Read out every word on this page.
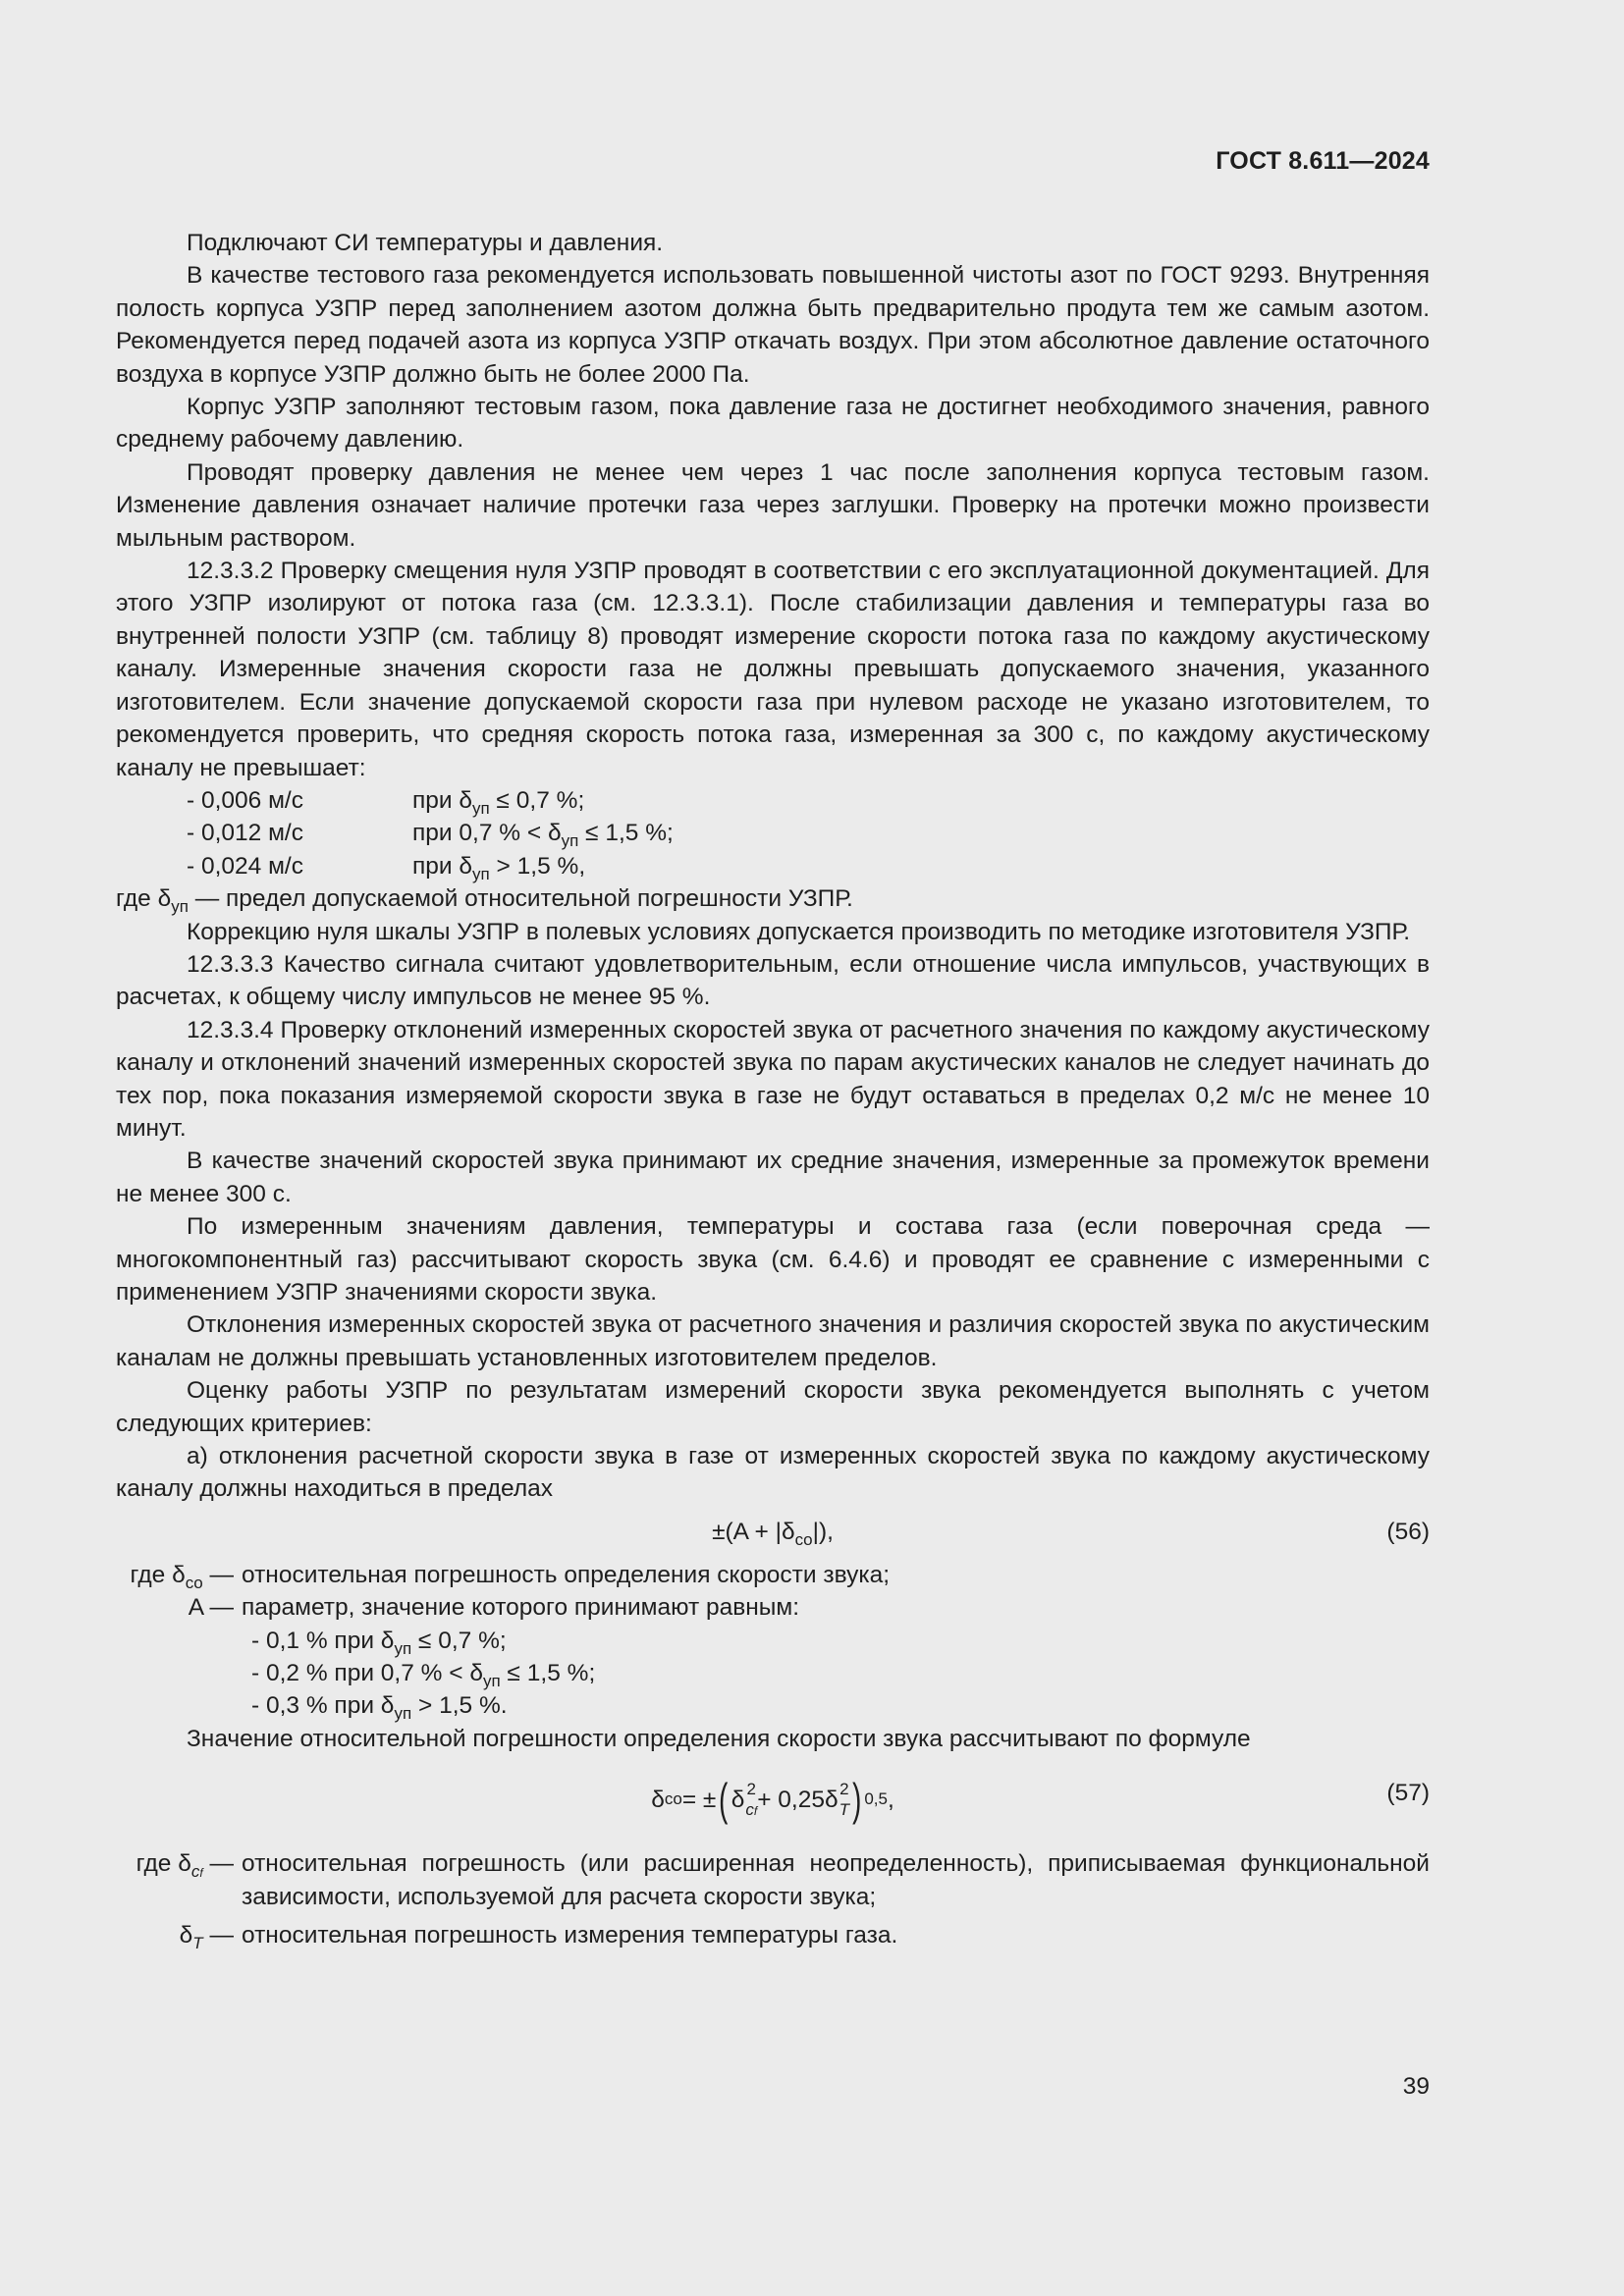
ГОСТ 8.611—2024

Подключают СИ температуры и давления.

В качестве тестового газа рекомендуется использовать повышенной чистоты азот по ГОСТ 9293. Внутренняя полость корпуса УЗПР перед заполнением азотом должна быть предварительно продута тем же самым азотом. Рекомендуется перед подачей азота из корпуса УЗПР откачать воздух. При этом абсолютное давление остаточного воздуха в корпусе УЗПР должно быть не более 2000 Па.

Корпус УЗПР заполняют тестовым газом, пока давление газа не достигнет необходимого значения, равного среднему рабочему давлению.

Проводят проверку давления не менее чем через 1 час после заполнения корпуса тестовым газом. Изменение давления означает наличие протечки газа через заглушки. Проверку на протечки можно произвести мыльным раствором.

12.3.3.2 Проверку смещения нуля УЗПР проводят в соответствии с его эксплуатационной документацией. Для этого УЗПР изолируют от потока газа (см. 12.3.3.1). После стабилизации давления и температуры газа во внутренней полости УЗПР (см. таблицу 8) проводят измерение скорости потока газа по каждому акустическому каналу. Измеренные значения скорости газа не должны превышать допускаемого значения, указанного изготовителем. Если значение допускаемой скорости газа при нулевом расходе не указано изготовителем, то рекомендуется проверить, что средняя скорость потока газа, измеренная за 300 с, по каждому акустическому каналу не превышает:

- 0,006 м/с	при $\delta_{уп} \le 0,7$ %;
- 0,012 м/с	при 0,7 % < $\delta_{уп} \le 1,5$ %;
- 0,024 м/с	при $\delta_{уп} > 1,5$ %,

где $\delta_{уп}$ — предел допускаемой относительной погрешности УЗПР.

Коррекцию нуля шкалы УЗПР в полевых условиях допускается производить по методике изготовителя УЗПР.

12.3.3.3 Качество сигнала считают удовлетворительным, если отношение числа импульсов, участвующих в расчетах, к общему числу импульсов не менее 95 %.

12.3.3.4 Проверку отклонений измеренных скоростей звука от расчетного значения по каждому акустическому каналу и отклонений значений измеренных скоростей звука по парам акустических каналов не следует начинать до тех пор, пока показания измеряемой скорости звука в газе не будут оставаться в пределах 0,2 м/с не менее 10 минут.

В качестве значений скоростей звука принимают их средние значения, измеренные за промежуток времени не менее 300 с.

По измеренным значениям давления, температуры и состава газа (если поверочная среда — многокомпонентный газ) рассчитывают скорость звука (см. 6.4.6) и проводят ее сравнение с измеренными с применением УЗПР значениями скорости звука.

Отклонения измеренных скоростей звука от расчетного значения и различия скоростей звука по акустическим каналам не должны превышать установленных изготовителем пределов.

Оценку работы УЗПР по результатам измерений скорости звука рекомендуется выполнять с учетом следующих критериев:

а) отклонения расчетной скорости звука в газе от измеренных скоростей звука по каждому акустическому каналу должны находиться в пределах

$\pm(A + |\delta_{co}|)$,	(56)
где $\delta_{co}$ — относительная погрешность определения скорости звука;
A — параметр, значение которого принимают равным:
- 0,1 % при $\delta_{уп} \le 0,7$ %;
- 0,2 % при 0,7 % < $\delta_{уп} \le 1,5$ %;
- 0,3 % при $\delta_{уп} > 1,5$ %.

Значение относительной погрешности определения скорости звука рассчитывают по формуле

δ co = ± ( δ 2
cf + 0,25δ 2
T ) 0,5 ,	(57)
где $\delta_{cf}$ — относительная погрешность (или расширенная неопределенность), приписываемая функциональной зависимости, используемой для расчета скорости звука;
$\delta_T$ — относительная погрешность измерения температуры газа.
39
